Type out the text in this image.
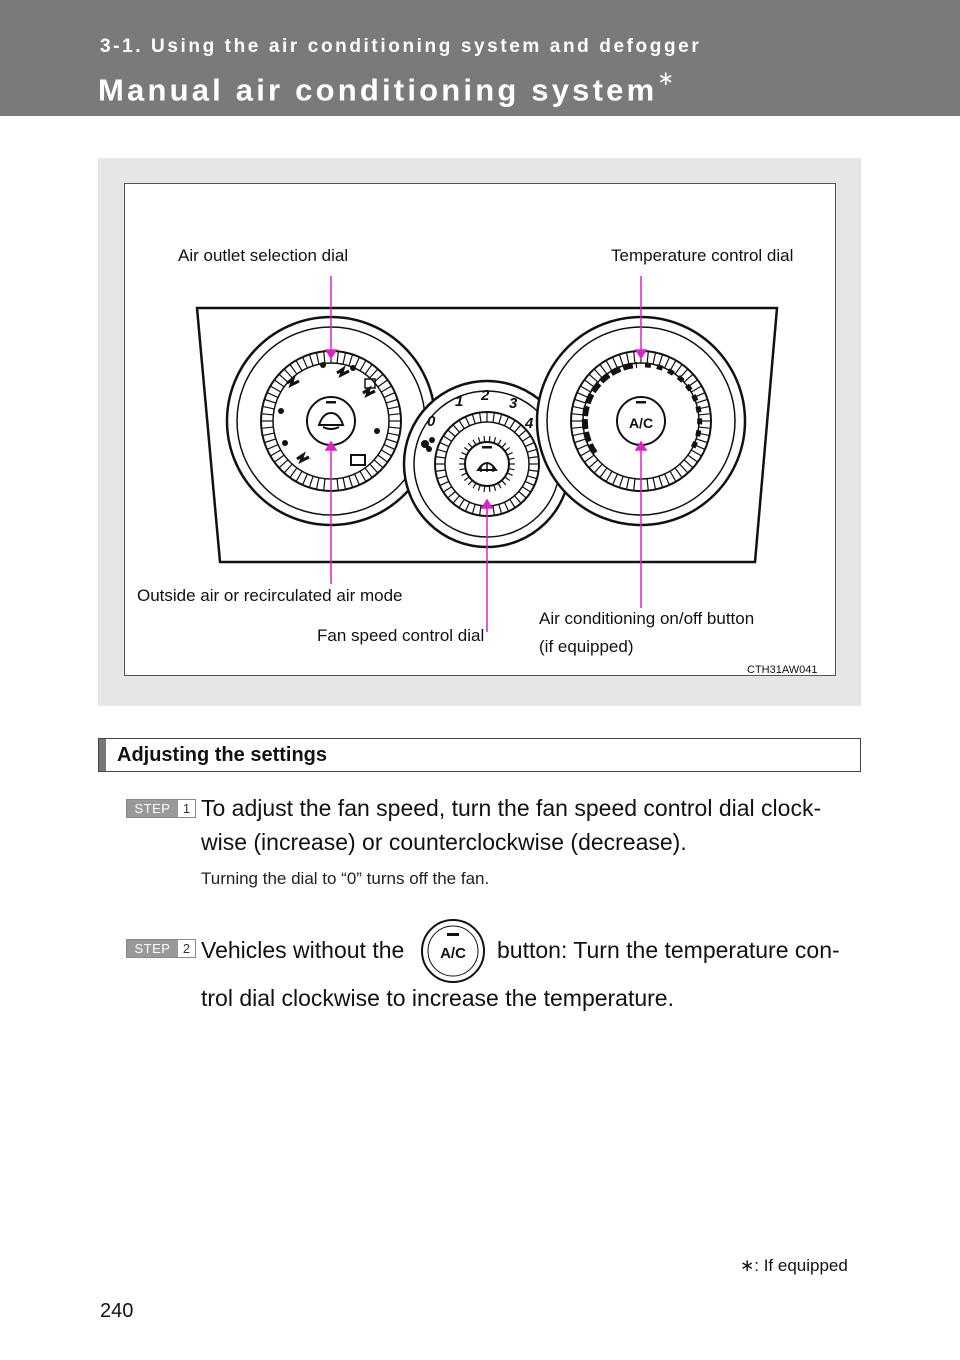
3-1. Using the air conditioning system and defogger
Manual air conditioning system∗
0
1 2 3
4	A/C
Air outlet selection dial	Temperature control dial
Outside air or recirculated air mode
Fan speed control dial
Air conditioning on/off button
(if equipped)
CTH31AW041
Adjusting the settings
STEP 1 To adjust the fan speed, turn the fan speed control dial clock-
wise (increase) or counterclockwise (decrease).
Turning the dial to “0” turns off the fan.
STEP 2 Vehicles without the A/C button: Turn the temperature con-
trol dial clockwise to increase the temperature.
∗: If equipped
240
